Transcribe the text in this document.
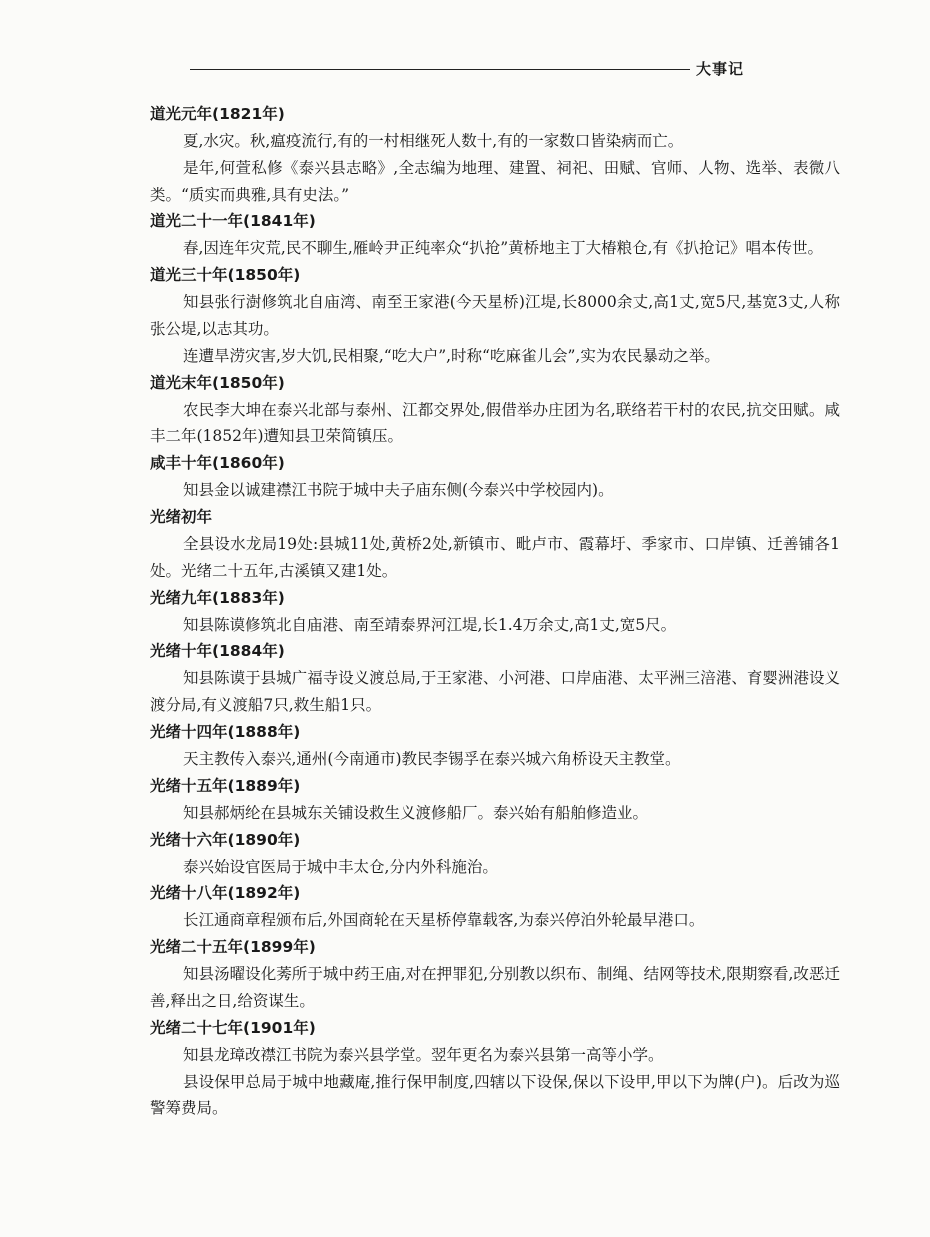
大事记
道光元年(1821年)

夏,水灾。秋,瘟疫流行,有的一村相继死人数十,有的一家数口皆染病而亡。

是年,何萱私修《泰兴县志略》,全志编为地理、建置、祠祀、田赋、官师、人物、选举、表微八类。“质实而典雅,具有史法。”

道光二十一年(1841年)

春,因连年灾荒,民不聊生,雁岭尹正纯率众“扒抢”黄桥地主丁大椿粮仓,有《扒抢记》唱本传世。

道光三十年(1850年)

知县张行澍修筑北自庙湾、南至王家港(今天星桥)江堤,长8000余丈,高1丈,宽5尺,基宽3丈,人称张公堤,以志其功。

连遭旱涝灾害,岁大饥,民相聚,“吃大户”,时称“吃麻雀儿会”,实为农民暴动之举。

道光末年(1850年)

农民李大坤在泰兴北部与泰州、江都交界处,假借举办庄团为名,联络若干村的农民,抗交田赋。咸丰二年(1852年)遭知县卫荣简镇压。

咸丰十年(1860年)

知县金以诚建襟江书院于城中夫子庙东侧(今泰兴中学校园内)。

光绪初年

全县设水龙局19处:县城11处,黄桥2处,新镇市、毗卢市、霞幕圩、季家市、口岸镇、迁善铺各1处。光绪二十五年,古溪镇又建1处。

光绪九年(1883年)

知县陈谟修筑北自庙港、南至靖泰界河江堤,长1.4万余丈,高1丈,宽5尺。

光绪十年(1884年)

知县陈谟于县城广福寺设义渡总局,于王家港、小河港、口岸庙港、太平洲三涪港、育婴洲港设义渡分局,有义渡船7只,救生船1只。

光绪十四年(1888年)

天主教传入泰兴,通州(今南通市)教民李锡孚在泰兴城六角桥设天主教堂。

光绪十五年(1889年)

知县郝炳纶在县城东关铺设救生义渡修船厂。泰兴始有船舶修造业。

光绪十六年(1890年)

泰兴始设官医局于城中丰太仓,分内外科施治。

光绪十八年(1892年)

长江通商章程颁布后,外国商轮在天星桥停靠载客,为泰兴停泊外轮最早港口。

光绪二十五年(1899年)

知县汤曜设化莠所于城中药王庙,对在押罪犯,分别教以织布、制绳、结网等技术,限期察看,改恶迁善,释出之日,给资谋生。

光绪二十七年(1901年)

知县龙璋改襟江书院为泰兴县学堂。翌年更名为泰兴县第一高等小学。

县设保甲总局于城中地藏庵,推行保甲制度,四辖以下设保,保以下设甲,甲以下为牌(户)。后改为巡警筹费局。
